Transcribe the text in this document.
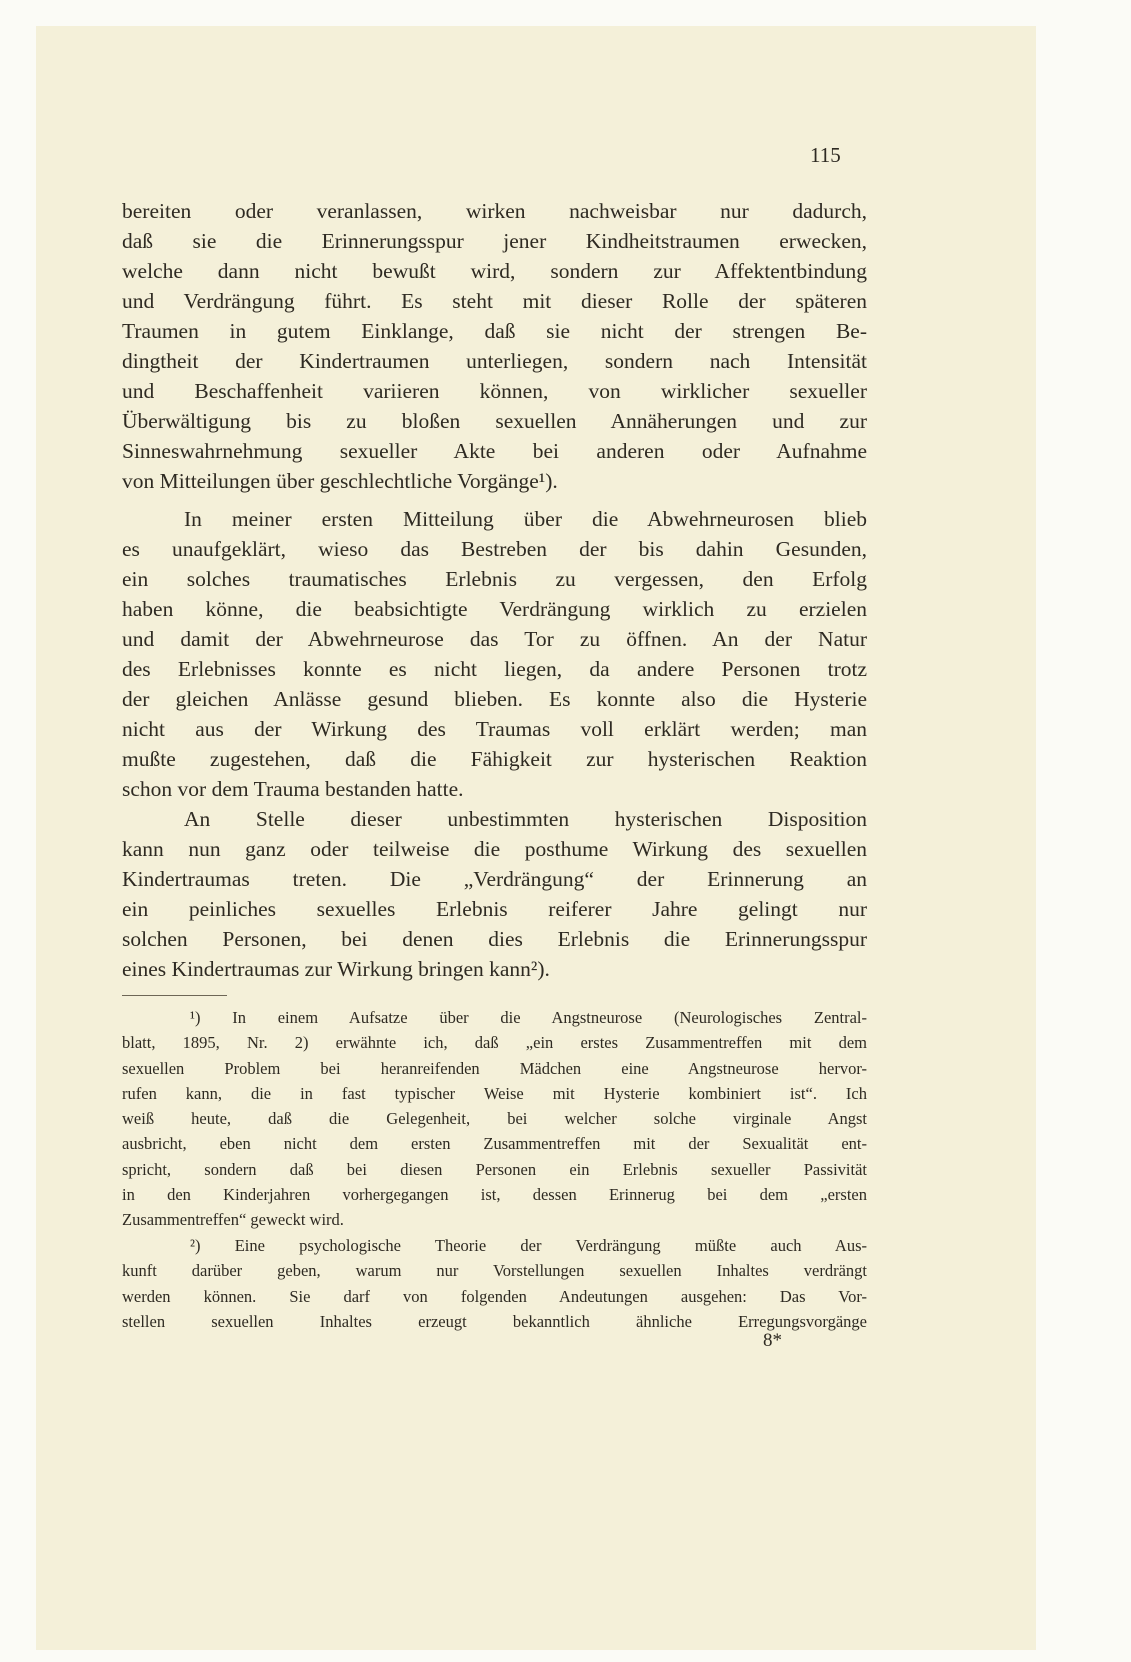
115
bereiten oder veranlassen, wirken nachweisbar nur dadurch,
daß sie die Erinnerungsspur jener Kindheitstraumen erwecken,
welche dann nicht bewußt wird, sondern zur Affektentbindung
und Verdrängung führt. Es steht mit dieser Rolle der späteren
Traumen in gutem Einklange, daß sie nicht der strengen Be-
dingtheit der Kindertraumen unterliegen, sondern nach Intensität
und Beschaffenheit variieren können, von wirklicher sexueller
Überwältigung bis zu bloßen sexuellen Annäherungen und zur
Sinneswahrnehmung sexueller Akte bei anderen oder Aufnahme
von Mitteilungen über geschlechtliche Vorgänge¹).
In meiner ersten Mitteilung über die Abwehrneurosen blieb
es unaufgeklärt, wieso das Bestreben der bis dahin Gesunden,
ein solches traumatisches Erlebnis zu vergessen, den Erfolg
haben könne, die beabsichtigte Verdrängung wirklich zu erzielen
und damit der Abwehrneurose das Tor zu öffnen. An der Natur
des Erlebnisses konnte es nicht liegen, da andere Personen trotz
der gleichen Anlässe gesund blieben. Es konnte also die Hysterie
nicht aus der Wirkung des Traumas voll erklärt werden; man
mußte zugestehen, daß die Fähigkeit zur hysterischen Reaktion
schon vor dem Trauma bestanden hatte.
An Stelle dieser unbestimmten hysterischen Disposition
kann nun ganz oder teilweise die posthume Wirkung des sexuellen
Kindertraumas treten. Die „Verdrängung“ der Erinnerung an
ein peinliches sexuelles Erlebnis reiferer Jahre gelingt nur
solchen Personen, bei denen dies Erlebnis die Erinnerungsspur
eines Kindertraumas zur Wirkung bringen kann²).
¹) In einem Aufsatze über die Angstneurose (Neurologisches Zentral-
blatt, 1895, Nr. 2) erwähnte ich, daß „ein erstes Zusammentreffen mit dem
sexuellen Problem bei heranreifenden Mädchen eine Angstneurose hervor-
rufen kann, die in fast typischer Weise mit Hysterie kombiniert ist“. Ich
weiß heute, daß die Gelegenheit, bei welcher solche virginale Angst
ausbricht, eben nicht dem ersten Zusammentreffen mit der Sexualität ent-
spricht, sondern daß bei diesen Personen ein Erlebnis sexueller Passivität
in den Kinderjahren vorhergegangen ist, dessen Erinnerug bei dem „ersten
Zusammentreffen“ geweckt wird.
²) Eine psychologische Theorie der Verdrängung müßte auch Aus-
kunft darüber geben, warum nur Vorstellungen sexuellen Inhaltes verdrängt
werden können. Sie darf von folgenden Andeutungen ausgehen: Das Vor-
stellen sexuellen Inhaltes erzeugt bekanntlich ähnliche Erregungsvorgänge
8*
